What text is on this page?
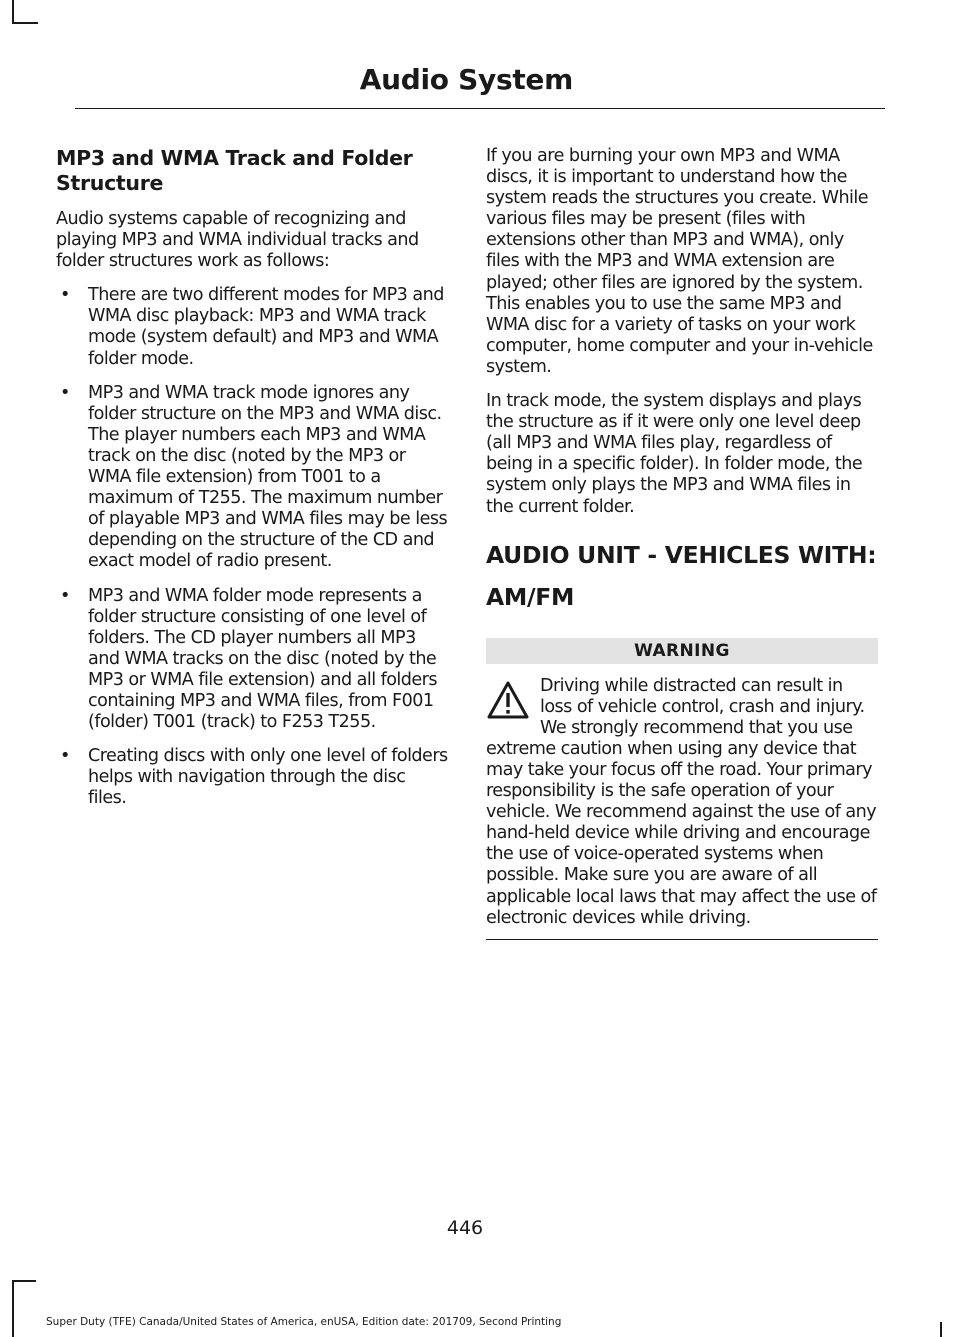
Audio System
MP3 and WMA Track and Folder Structure
Audio systems capable of recognizing and playing MP3 and WMA individual tracks and folder structures work as follows:
• There are two different modes for MP3 and WMA disc playback: MP3 and WMA track mode (system default) and MP3 and WMA folder mode.
• MP3 and WMA track mode ignores any folder structure on the MP3 and WMA disc. The player numbers each MP3 and WMA track on the disc (noted by the MP3 or WMA file extension) from T001 to a maximum of T255. The maximum number of playable MP3 and WMA files may be less depending on the structure of the CD and exact model of radio present.
• MP3 and WMA folder mode represents a folder structure consisting of one level of folders. The CD player numbers all MP3 and WMA tracks on the disc (noted by the MP3 or WMA file extension) and all folders containing MP3 and WMA files, from F001 (folder) T001 (track) to F253 T255.
• Creating discs with only one level of folders helps with navigation through the disc files.
If you are burning your own MP3 and WMA discs, it is important to understand how the system reads the structures you create. While various files may be present (files with extensions other than MP3 and WMA), only files with the MP3 and WMA extension are played; other files are ignored by the system. This enables you to use the same MP3 and WMA disc for a variety of tasks on your work computer, home computer and your in-vehicle system.
In track mode, the system displays and plays the structure as if it were only one level deep (all MP3 and WMA files play, regardless of being in a specific folder). In folder mode, the system only plays the MP3 and WMA files in the current folder.
AUDIO UNIT - VEHICLES WITH:
AM/FM
WARNING
Driving while distracted can result in loss of vehicle control, crash and injury. We strongly recommend that you use extreme caution when using any device that may take your focus off the road. Your primary responsibility is the safe operation of your vehicle. We recommend against the use of any hand-held device while driving and encourage the use of voice-operated systems when possible. Make sure you are aware of all applicable local laws that may affect the use of electronic devices while driving.
446
Super Duty (TFE) Canada/United States of America, enUSA, Edition date: 201709, Second Printing
